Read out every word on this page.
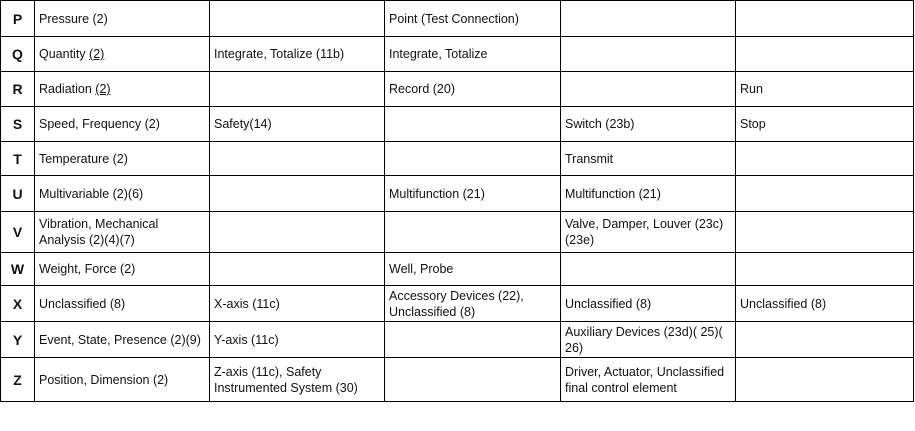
P	Pressure (2)		Point (Test Connection)		
Q	Quantity (2)	Integrate, Totalize (11b)	Integrate, Totalize		
R	Radiation (2)		Record (20)		Run
S	Speed, Frequency (2)	Safety(14)		Switch (23b)	Stop
T	Temperature (2)			Transmit	
U	Multivariable (2)(6)		Multifunction (21)	Multifunction (21)	
V	Vibration, Mechanical Analysis (2)(4)(7)			Valve, Damper, Louver (23c)(23e)	
W	Weight, Force (2)		Well, Probe		
X	Unclassified (8)	X-axis (11c)	Accessory Devices (22), Unclassified (8)	Unclassified (8)	Unclassified (8)
Y	Event, State, Presence (2)(9)	Y-axis (11c)		Auxiliary Devices (23d)( 25)( 26)	
Z	Position, Dimension (2)	Z-axis (11c), Safety Instrumented System (30)		Driver, Actuator, Unclassified final control element	
